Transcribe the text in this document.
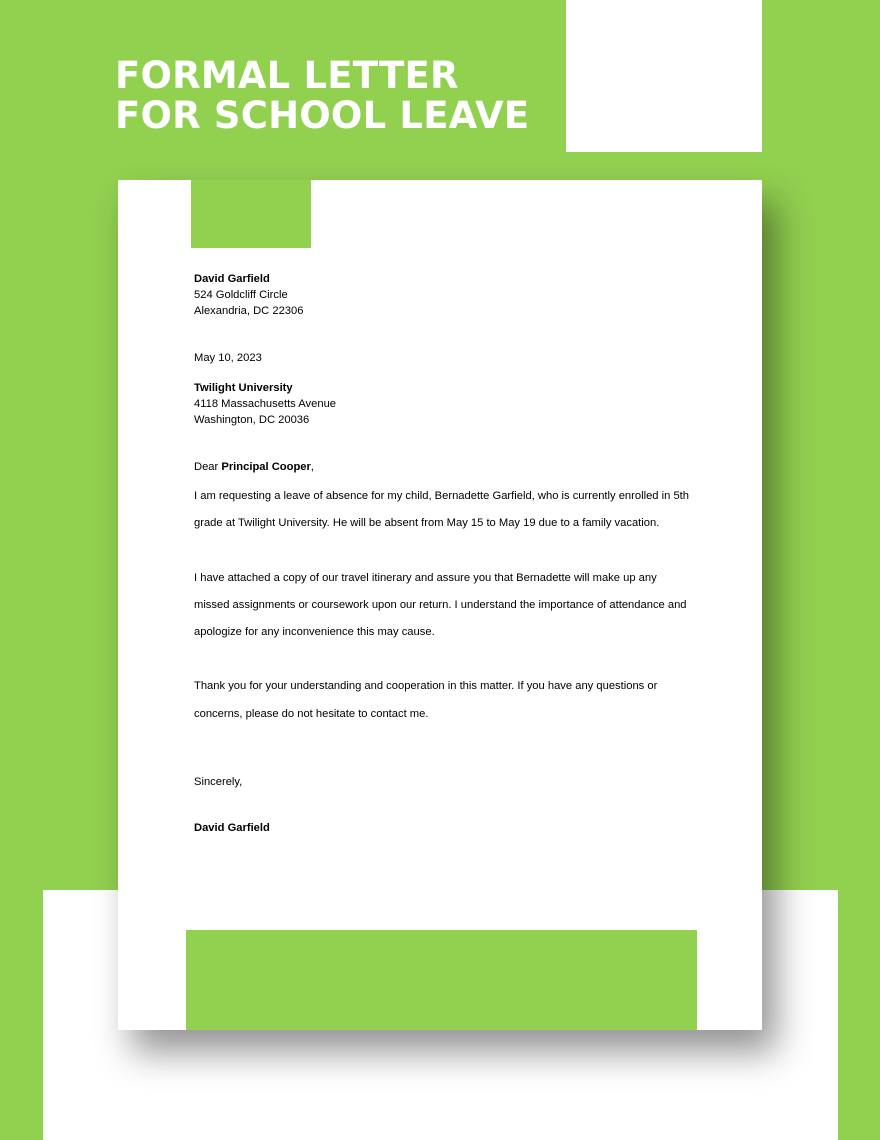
FORMAL LETTER
FOR SCHOOL LEAVE
David Garfield
524 Goldcliff Circle
Alexandria, DC 22306
May 10, 2023
Twilight University
4118 Massachusetts Avenue
Washington, DC 20036
Dear Principal Cooper,

I am requesting a leave of absence for my child, Bernadette Garfield, who is currently enrolled in 5th grade at Twilight University. He will be absent from May 15 to May 19 due to a family vacation.

I have attached a copy of our travel itinerary and assure you that Bernadette will make up any missed assignments or coursework upon our return. I understand the importance of attendance and apologize for any inconvenience this may cause.

Thank you for your understanding and cooperation in this matter. If you have any questions or concerns, please do not hesitate to contact me.

Sincerely,
David Garfield
